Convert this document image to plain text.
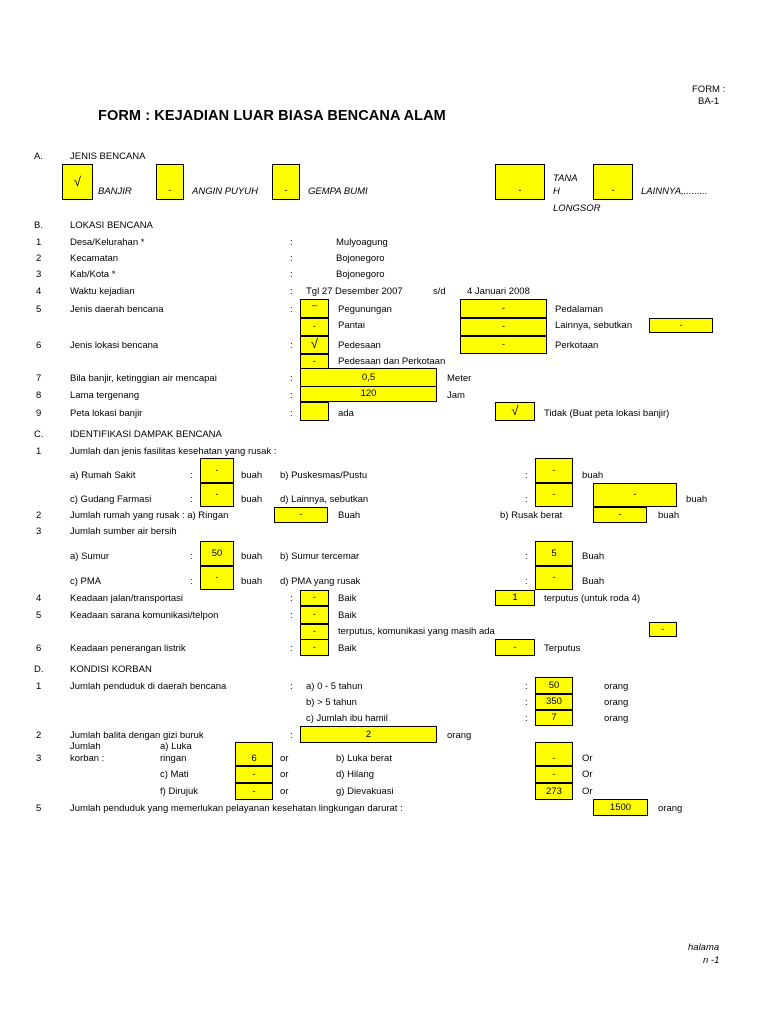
FORM :
BA-1
FORM : KEJADIAN LUAR BIASA BENCANA ALAM
A.	JENIS BENCANA
√
BANJIR	-	ANGIN PUYUH	-	GEMPA BUMI	-
TANA
H
LONGSOR
-	LAINNYA,.........
B.	LOKASI BENCANA
1	Desa/Kelurahan *	:	Mulyoagung
2	Kecamatan	:	Bojonegoro
3	Kab/Kota *	:	Bojonegoro
4	Waktu kejadian	: Tgl 27 Desember 2007	s/d 4 Januari 2008
5	Jenis daerah bencana	:	–	Pegunungan	-	Pedalaman
-	Pantai	-	Lainnya, sebutkan	-
6	Jenis lokasi bencana	:	√	Pedesaan	-	Perkotaan
-	Pedesaan dan Perkotaan
7	Bila banjir, ketinggian air mencapai	:	0,5	Meter
8	Lama tergenang	:	120	Jam
9	Peta lokasi banjir	:	ada	√	Tidak (Buat peta lokasi banjir)
C.	IDENTIFIKASI DAMPAK BENCANA
1	Jumlah dan jenis fasilitas kesehatan yang rusak :
a) Rumah Sakit	:	-	buah b) Puskesmas/Pustu	:	-	buah
c) Gudang Farmasi	:	-	buah d) Lainnya, sebutkan	:	-	-	buah
2	Jumlah rumah yang rusak : a) Ringan	-	Buah	b) Rusak berat	-	buah
3	Jumlah sumber air bersih
a) Sumur	:	50	buah b) Sumur tercemar	:	5	Buah
c) PMA	:	-	buah d) PMA yang rusak	:	-	Buah
4	Keadaan jalan/transportasi	:	-	Baik	1	terputus (untuk roda 4)
5	Keadaan sarana komunikasi/telpon	:	-	Baik
-	terputus, komunikasi yang masih ada	-
6	Keadaan penerangan listrik	:	-	Baik	-	Terputus
D.	KONDISI KORBAN
1	Jumlah penduduk di daerah bencana	: a) 0 - 5 tahun	:	50	orang
b) > 5 tahun	:	350	orang
c) Jumlah ibu hamil	:	7	orang
2	Jumlah balita dengan gizi buruk	:	2	orang
Jumlah
3	korban :
a) Luka
ringan	6	or	b) Luka berat	-	Or
c) Mati	-	or	d) Hilang	-	Or
f) Dirujuk	-	or	g) Dievakuasi	273	Or
5	Jumlah penduduk yang memerlukan pelayanan kesehatan lingkungan darurat :	1500	orang
halama
n -1
